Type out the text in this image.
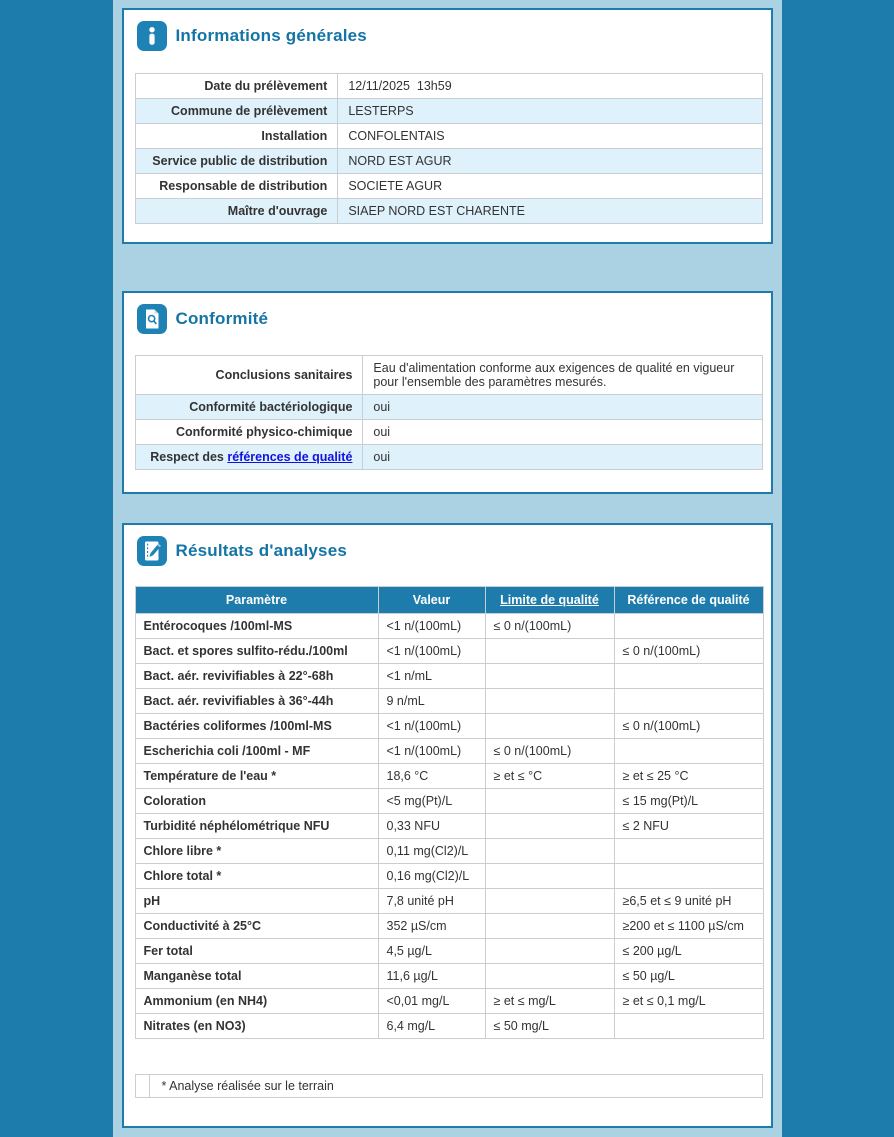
Informations générales
Date du prélèvement	12/11/2025  13h59
Commune de prélèvement	LESTERPS
Installation	CONFOLENTAIS
Service public de distribution	NORD EST AGUR
Responsable de distribution	SOCIETE AGUR
Maître d'ouvrage	SIAEP NORD EST CHARENTE
Conformité
Conclusions sanitaires	Eau d'alimentation conforme aux exigences de qualité en vigueur pour l'ensemble des paramètres mesurés.
Conformité bactériologique	oui
Conformité physico-chimique	oui
Respect des références de qualité	oui
Résultats d'analyses
Paramètre	Valeur	Limite de qualité	Référence de qualité
Entérocoques /100ml-MS	<1 n/(100mL)	≤ 0 n/(100mL)	
Bact. et spores sulfito-rédu./100ml	<1 n/(100mL)		≤ 0 n/(100mL)
Bact. aér. revivifiables à 22°-68h	<1 n/mL		
Bact. aér. revivifiables à 36°-44h	9 n/mL		
Bactéries coliformes /100ml-MS	<1 n/(100mL)		≤ 0 n/(100mL)
Escherichia coli /100ml - MF	<1 n/(100mL)	≤ 0 n/(100mL)	
Température de l'eau *	18,6 °C	≥ et ≤ °C	≥ et ≤ 25 °C
Coloration	<5 mg(Pt)/L		≤ 15 mg(Pt)/L
Turbidité néphélométrique NFU	0,33 NFU		≤ 2 NFU
Chlore libre *	0,11 mg(Cl2)/L		
Chlore total *	0,16 mg(Cl2)/L		
pH	7,8 unité pH		≥6,5 et ≤ 9 unité pH
Conductivité à 25°C	352 µS/cm		≥200 et ≤ 1100 µS/cm
Fer total	4,5 µg/L		≤ 200 µg/L
Manganèse total	11,6 µg/L		≤ 50 µg/L
Ammonium (en NH4)	<0,01 mg/L	≥ et ≤ mg/L	≥ et ≤ 0,1 mg/L
Nitrates (en NO3)	6,4 mg/L	≤ 50 mg/L	
	* Analyse réalisée sur le terrain
